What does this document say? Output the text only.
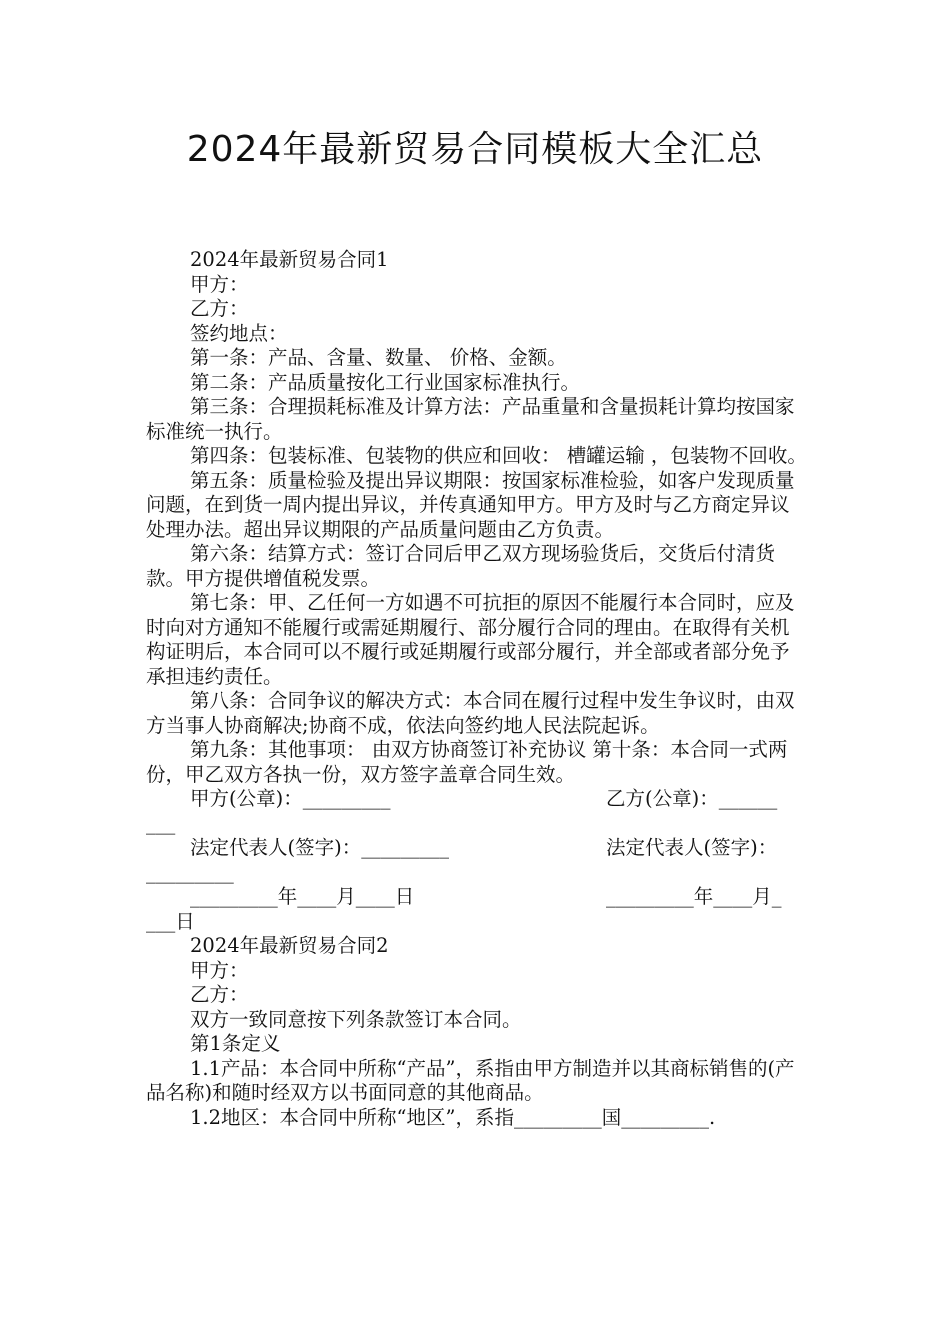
2024年最新贸易合同模板大全汇总
2024年最新贸易合同1
甲方：
乙方：
签约地点：
第一条：产品、含量、数量、 价格、金额。
第二条：产品质量按化工行业国家标准执行。
第三条：合理损耗标准及计算方法：产品重量和含量损耗计算均按国家标准统一执行。
第四条：包装标准、包装物的供应和回收： 槽罐运输 ，包装物不回收。
第五条：质量检验及提出异议期限：按国家标准检验，如客户发现质量问题，在到货一周内提出异议，并传真通知甲方。甲方及时与乙方商定异议处理办法。超出异议期限的产品质量问题由乙方负责。
第六条：结算方式：签订合同后甲乙双方现场验货后，交货后付清货款。甲方提供增值税发票。
第七条：甲、乙任何一方如遇不可抗拒的原因不能履行本合同时，应及时向对方通知不能履行或需延期履行、部分履行合同的理由。在取得有关机构证明后，本合同可以不履行或延期履行或部分履行，并全部或者部分免予承担违约责任。
第八条：合同争议的解决方式：本合同在履行过程中发生争议时，由双方当事人协商解决;协商不成，依法向签约地人民法院起诉。
第九条：其他事项： 由双方协商签订补充协议 第十条：本合同一式两份，甲乙双方各执一份，双方签字盖章合同生效。
甲方(公章)：_________	乙方(公章)：______
___
法定代表人(签字)：_________	法定代表人(签字)：
_________
_________年____月____日	_________年____月_
___日
2024年最新贸易合同2
甲方：
乙方：
双方一致同意按下列条款签订本合同。
第1条定义
1.1产品：本合同中所称“产品”，系指由甲方制造并以其商标销售的(产品名称)和随时经双方以书面同意的其他商品。
1.2地区：本合同中所称“地区”，系指_________国_________.
